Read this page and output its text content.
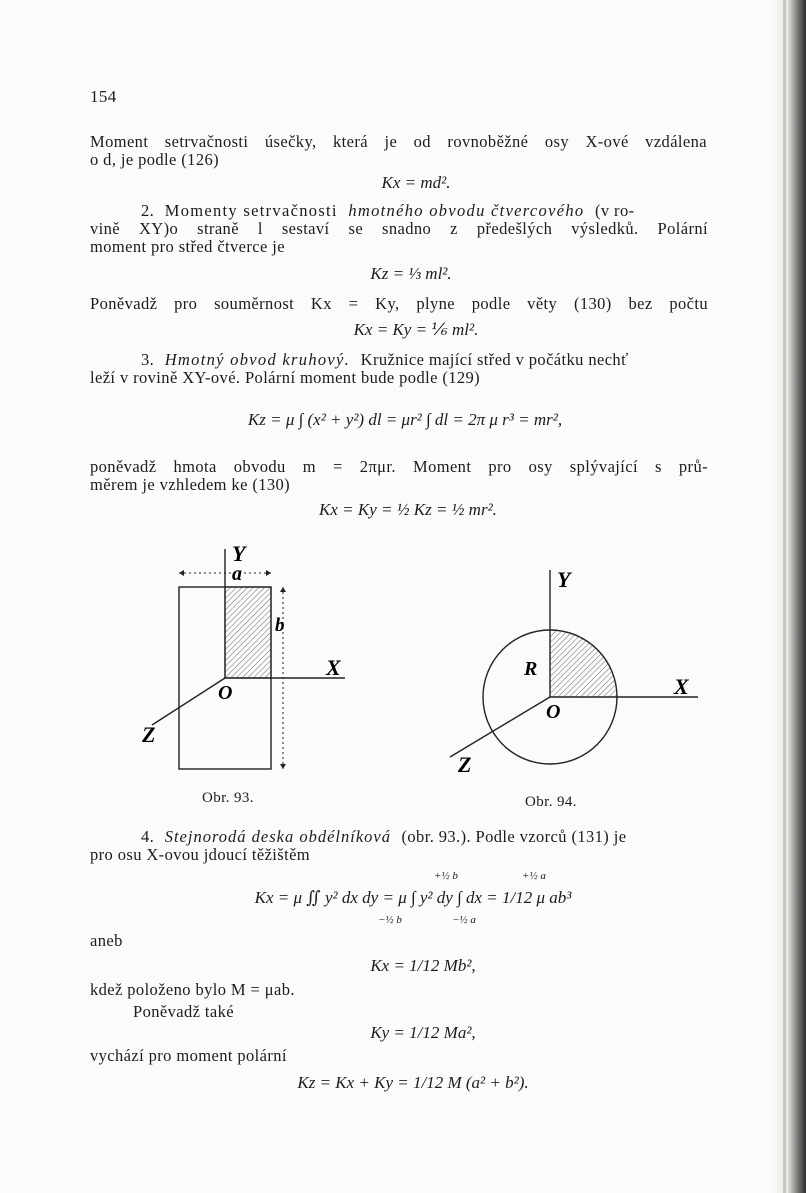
154
Moment setrvačnosti úsečky, která je od rovnoběžné osy X-ové vzdálena
o d, je podle (126)
Kx = md².
2. Momenty setrvačnosti hmotného obvodu čtvercového (v ro-
vině XY)o straně l sestaví se snadno z předešlých výsledků. Polární
moment pro střed čtverce je
Kz = ⅓ ml².
Poněvadž pro souměrnost Kx = Ky, plyne podle věty (130) bez počtu
Kx = Ky = ⅙ ml².
3. Hmotný obvod kruhový. Kružnice mající střed v počátku nechť
leží v rovině XY-ové. Polární moment bude podle (129)
Kz = μ ∫ (x² + y²) dl = μr² ∫ dl = 2π μ r³ = mr²,
poněvadž hmota obvodu m = 2πμr. Moment pro osy splývající s prů-
měrem je vzhledem ke (130)
Kx = Ky = ½ Kz = ½ mr².
Y
a
b
X
O
Z
Obr. 93.
Y
R
X
O
Z
Obr. 94.
4. Stejnorodá deska obdélníková (obr. 93.). Podle vzorců (131) je
pro osu X-ovou jdoucí těžištěm
Kx = μ ∬ y² dx dy = μ ∫ y² dy ∫ dx = 1/12 μ ab³
+½ b
−½ b
+½ a
−½ a
aneb
Kx = 1/12 Mb²,
kdež položeno bylo M = μab.
Poněvadž také
Ky = 1/12 Ma²,
vychází pro moment polární
Kz = Kx + Ky = 1/12 M (a² + b²).
